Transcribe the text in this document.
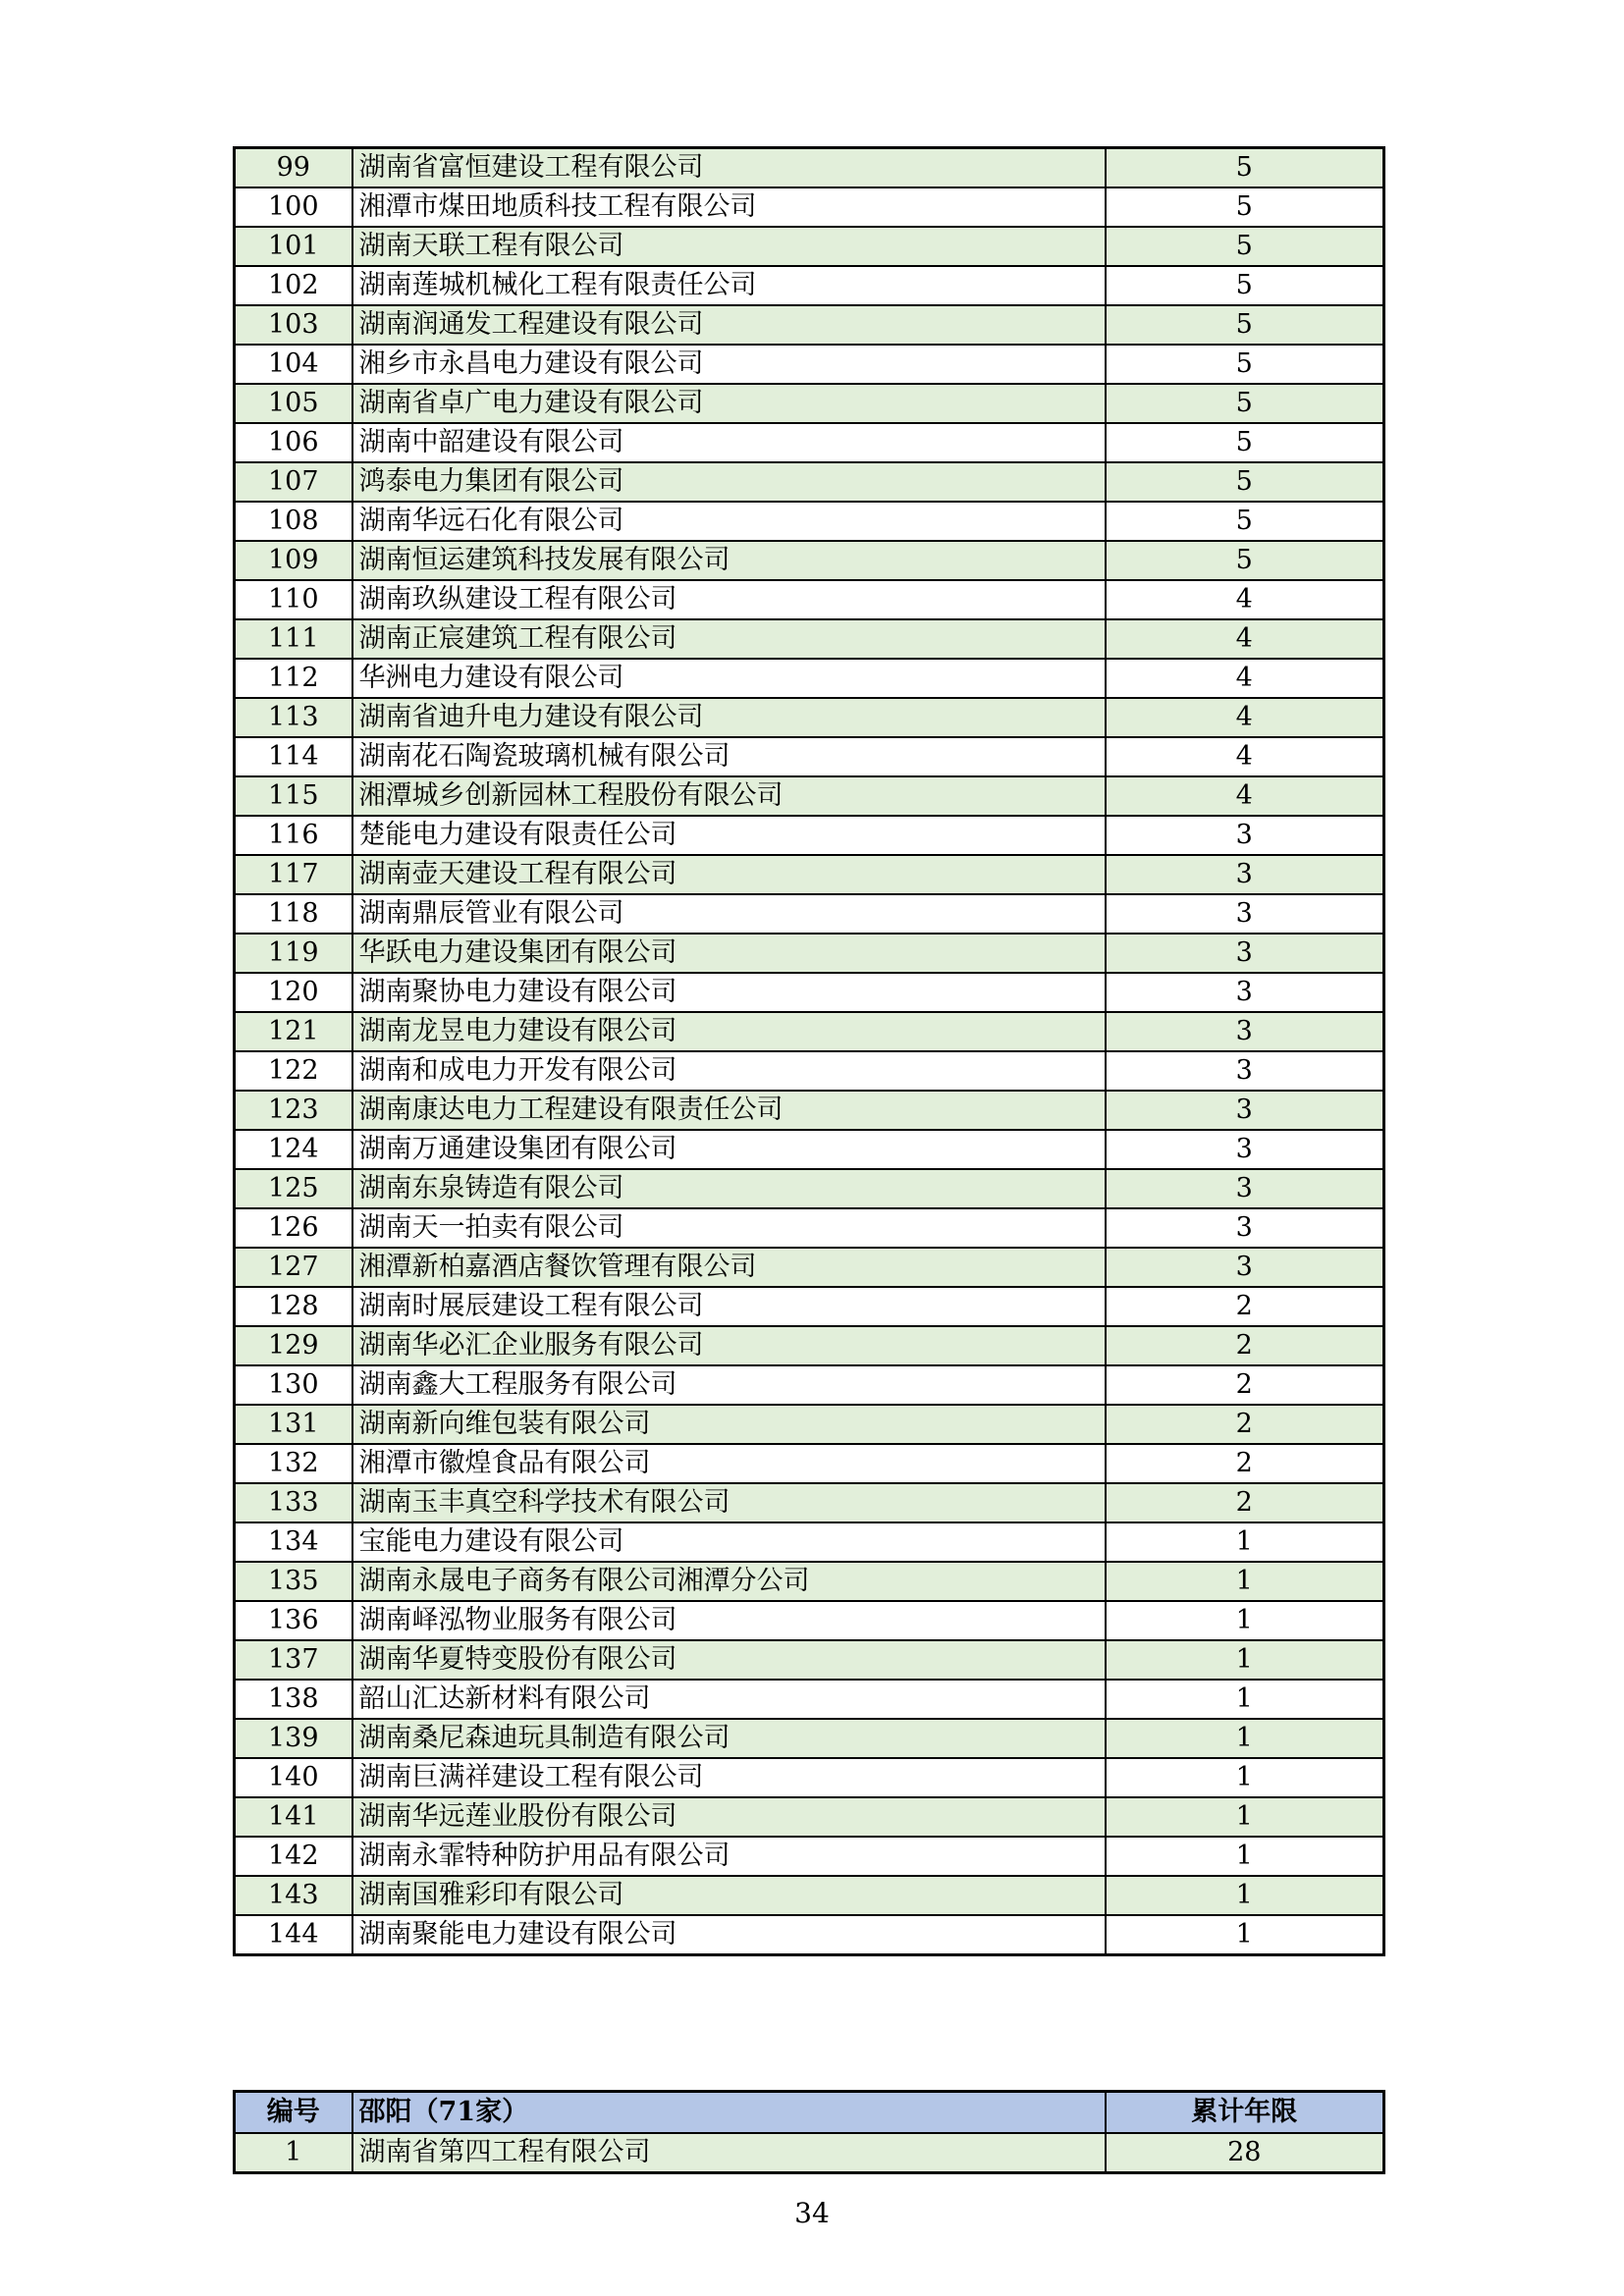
99	湖南省富恒建设工程有限公司	5
100	湘潭市煤田地质科技工程有限公司	5
101	湖南天联工程有限公司	5
102	湖南莲城机械化工程有限责任公司	5
103	湖南润通发工程建设有限公司	5
104	湘乡市永昌电力建设有限公司	5
105	湖南省卓广电力建设有限公司	5
106	湖南中韶建设有限公司	5
107	鸿泰电力集团有限公司	5
108	湖南华远石化有限公司	5
109	湖南恒运建筑科技发展有限公司	5
110	湖南玖纵建设工程有限公司	4
111	湖南正宸建筑工程有限公司	4
112	华洲电力建设有限公司	4
113	湖南省迪升电力建设有限公司	4
114	湖南花石陶瓷玻璃机械有限公司	4
115	湘潭城乡创新园林工程股份有限公司	4
116	楚能电力建设有限责任公司	3
117	湖南壶天建设工程有限公司	3
118	湖南鼎辰管业有限公司	3
119	华跃电力建设集团有限公司	3
120	湖南聚协电力建设有限公司	3
121	湖南龙昱电力建设有限公司	3
122	湖南和成电力开发有限公司	3
123	湖南康达电力工程建设有限责任公司	3
124	湖南万通建设集团有限公司	3
125	湖南东泉铸造有限公司	3
126	湖南天一拍卖有限公司	3
127	湘潭新柏嘉酒店餐饮管理有限公司	3
128	湖南时展辰建设工程有限公司	2
129	湖南华必汇企业服务有限公司	2
130	湖南鑫大工程服务有限公司	2
131	湖南新向维包装有限公司	2
132	湘潭市徽煌食品有限公司	2
133	湖南玉丰真空科学技术有限公司	2
134	宝能电力建设有限公司	1
135	湖南永晟电子商务有限公司湘潭分公司	1
136	湖南峄泓物业服务有限公司	1
137	湖南华夏特变股份有限公司	1
138	韶山汇达新材料有限公司	1
139	湖南桑尼森迪玩具制造有限公司	1
140	湖南巨满祥建设工程有限公司	1
141	湖南华远莲业股份有限公司	1
142	湖南永霏特种防护用品有限公司	1
143	湖南国雅彩印有限公司	1
144	湖南聚能电力建设有限公司	1
编号	邵阳（71家）	累计年限
1	湖南省第四工程有限公司	28
34
